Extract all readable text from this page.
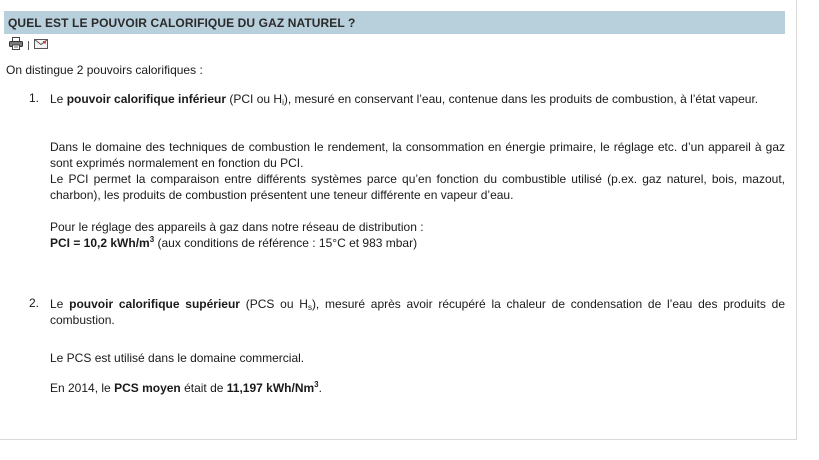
QUEL EST LE POUVOIR CALORIFIQUE DU GAZ NATUREL ?

On distingue 2 pouvoirs calorifiques :

1. Le pouvoir calorifique inférieur (PCI ou $H_i$), mesuré en conservant l’eau, contenue dans les produits de combustion, à l’état vapeur.

Dans le domaine des techniques de combustion le rendement, la consommation en énergie primaire, le réglage etc. d’un appareil à gaz sont exprimés normalement en fonction du PCI.

Le PCI permet la comparaison entre différents systèmes parce qu’en fonction du combustible utilisé (p.ex. gaz naturel, bois, mazout, charbon), les produits de combustion présentent une teneur différente en vapeur d’eau.

Pour le réglage des appareils à gaz dans notre réseau de distribution :

PCI = 10,2 kWh/$m^3$ (aux conditions de référence : 15°C et 983 mbar)

2. Le pouvoir calorifique supérieur (PCS ou $H_s$), mesuré après avoir récupéré la chaleur de condensation de l’eau des produits de combustion.

Le PCS est utilisé dans le domaine commercial.

En 2014, le PCS moyen était de 11,197 kWh/Nm$^3$.
